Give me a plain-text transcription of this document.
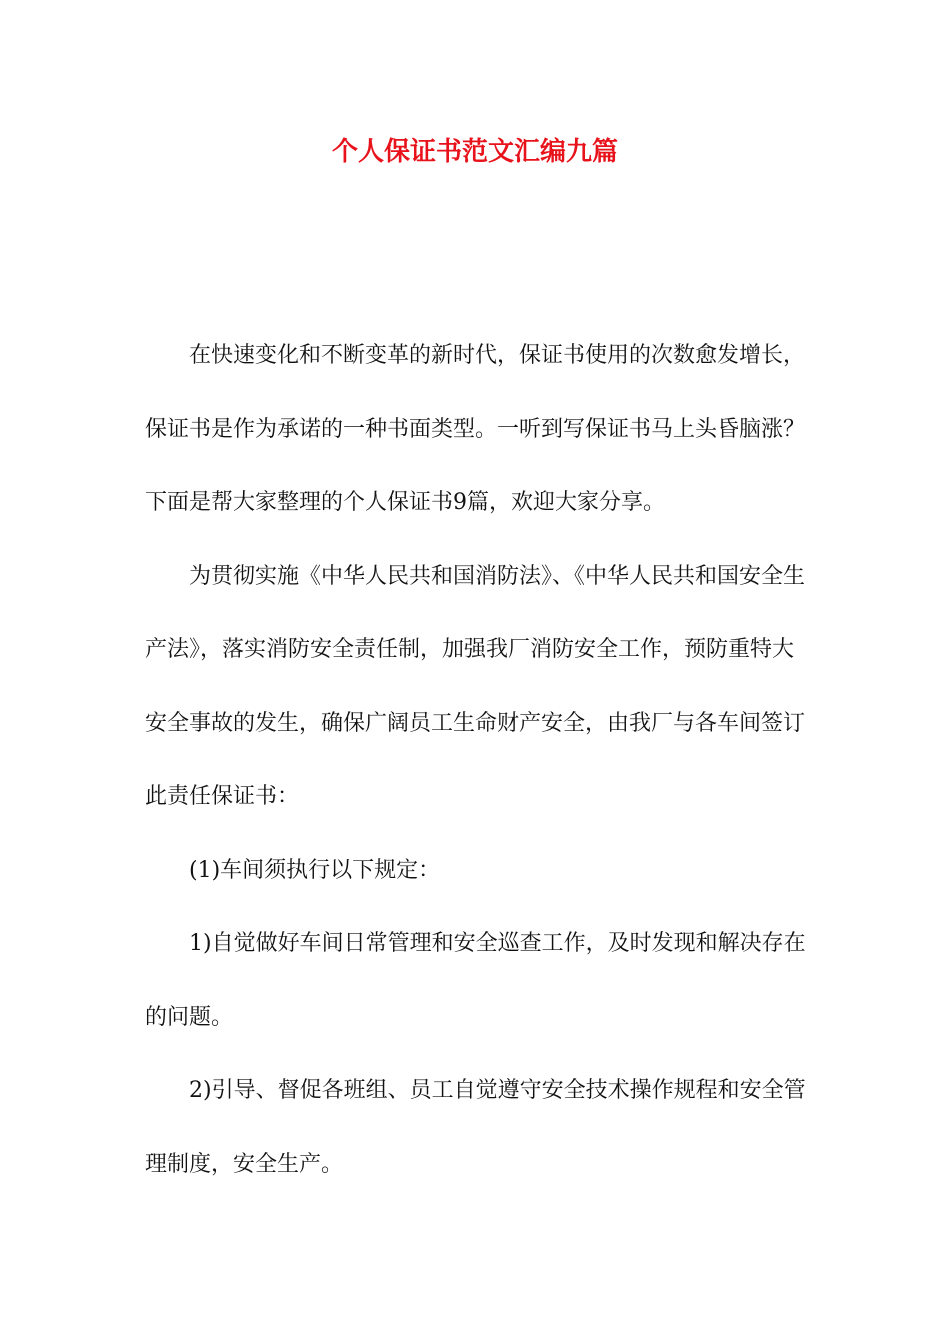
个人保证书范文汇编九篇

在快速变化和不断变革的新时代，保证书使用的次数愈发增长，保证书是作为承诺的一种书面类型。一听到写保证书马上头昏脑涨？下面是帮大家整理的个人保证书9篇，欢迎大家分享。

为贯彻实施《中华人民共和国消防法》、《中华人民共和国安全生产法》，落实消防安全责任制，加强我厂消防安全工作，预防重特大安全事故的发生，确保广阔员工生命财产安全，由我厂与各车间签订此责任保证书：

(1)车间须执行以下规定：

1)自觉做好车间日常管理和安全巡查工作，及时发现和解决存在的问题。

2)引导、督促各班组、员工自觉遵守安全技术操作规程和安全管理制度，安全生产。
